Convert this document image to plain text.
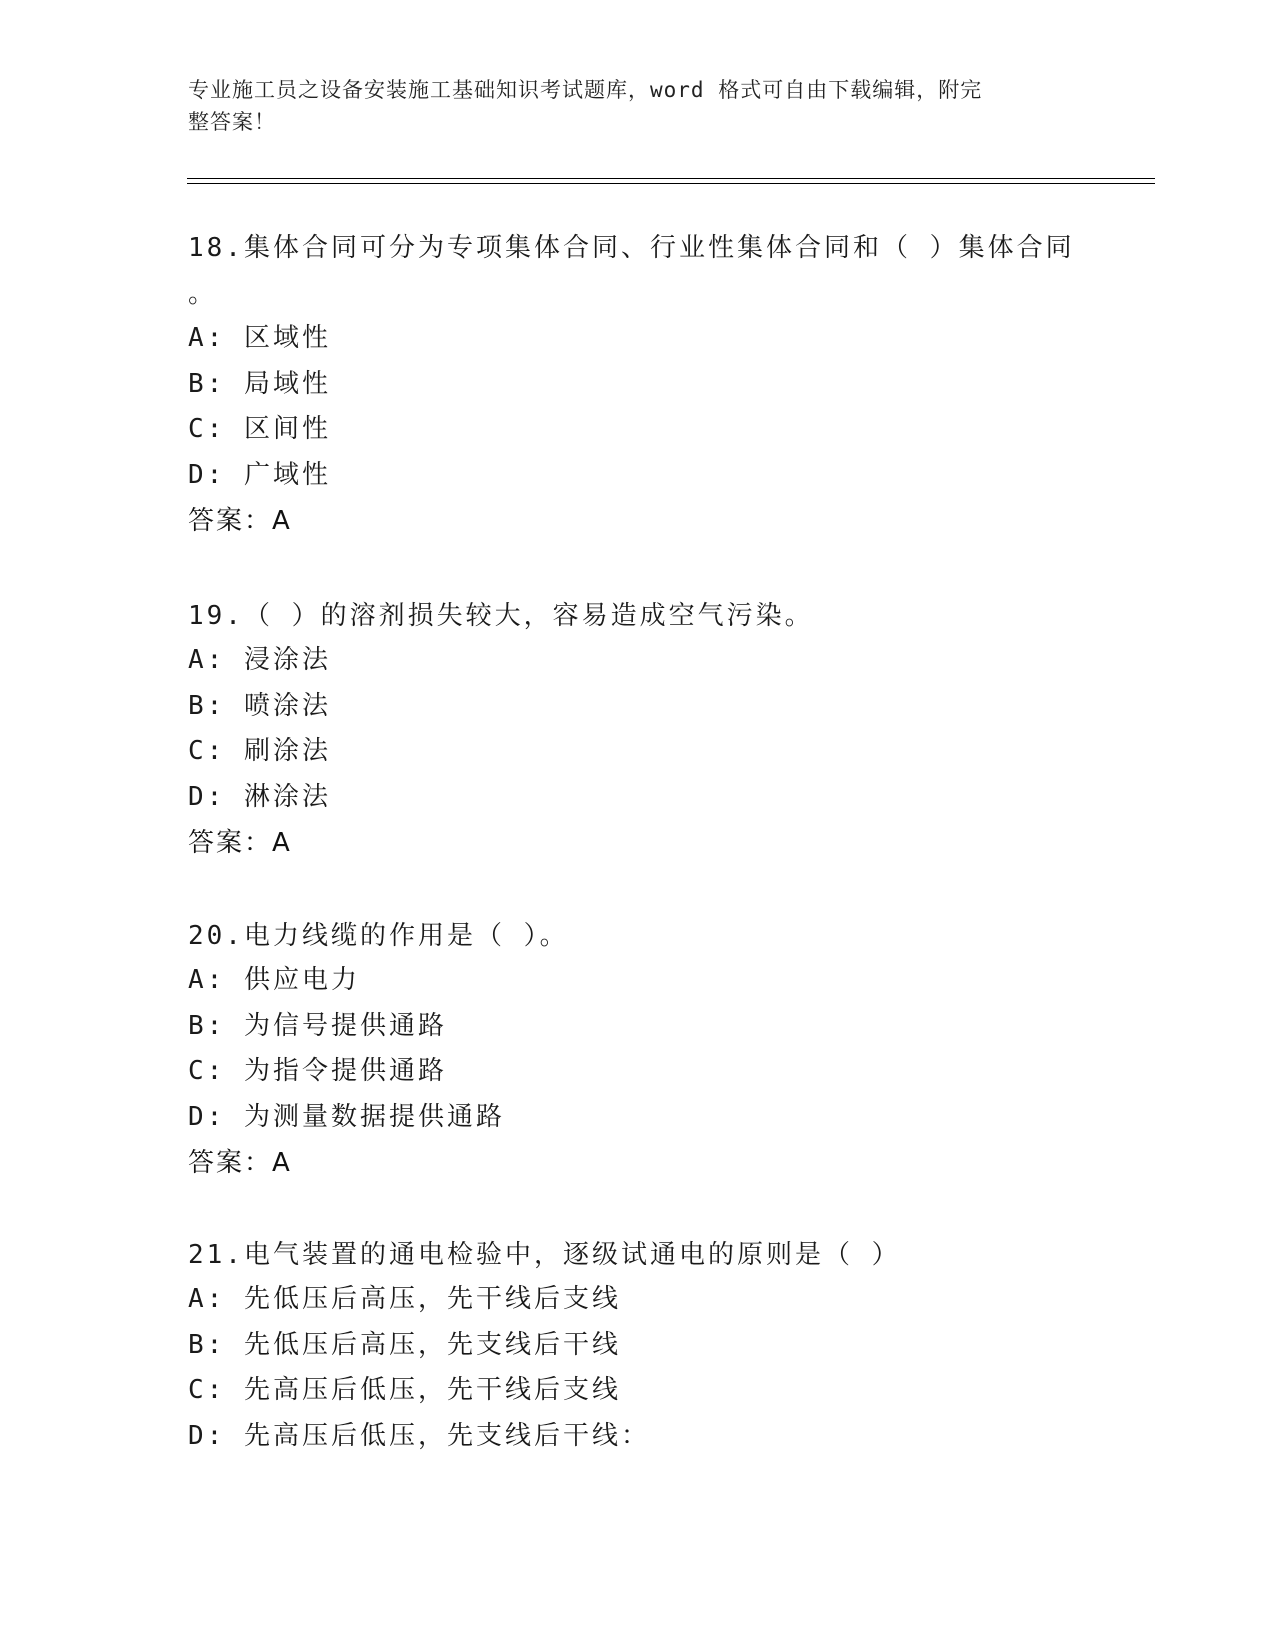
专业施工员之设备安装施工基础知识考试题库，word 格式可自由下载编辑，附完
整答案！
18.集体合同可分为专项集体合同、行业性集体合同和（ ）集体合同
。
A: 区域性
B: 局域性
C: 区间性
D: 广域性
答案：A
19.（ ）的溶剂损失较大，容易造成空气污染。
A: 浸涂法
B: 喷涂法
C: 刷涂法
D: 淋涂法
答案：A
20.电力线缆的作用是（ ）。
A: 供应电力
B: 为信号提供通路
C: 为指令提供通路
D: 为测量数据提供通路
答案：A
21.电气装置的通电检验中，逐级试通电的原则是（ ）
A: 先低压后高压，先干线后支线
B: 先低压后高压，先支线后干线
C: 先高压后低压，先干线后支线
D: 先高压后低压，先支线后干线：
